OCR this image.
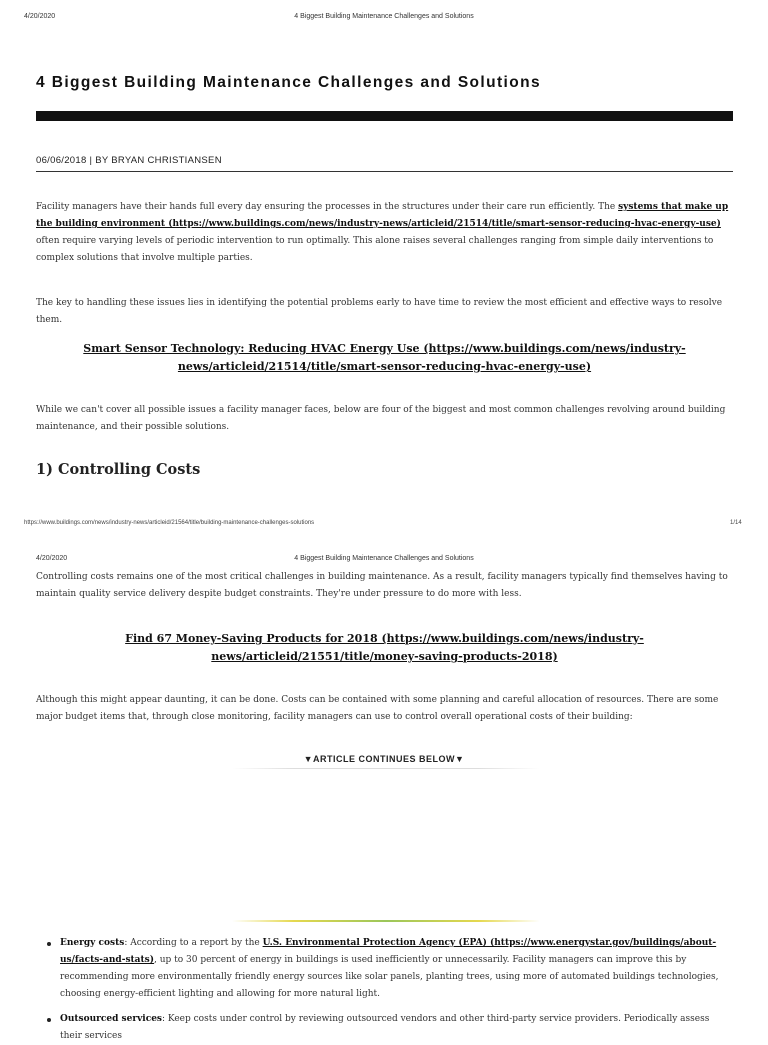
4/20/2020	4 Biggest Building Maintenance Challenges and Solutions
4 Biggest Building Maintenance Challenges and Solutions
06/06/2018 | BY BRYAN CHRISTIANSEN
Facility managers have their hands full every day ensuring the processes in the structures under their care run efficiently. The systems that make up the building environment (https://www.buildings.com/news/industry-news/articleid/21514/title/smart-sensor-reducing-hvac-energy-use) often require varying levels of periodic intervention to run optimally. This alone raises several challenges ranging from simple daily interventions to complex solutions that involve multiple parties.
The key to handling these issues lies in identifying the potential problems early to have time to review the most efficient and effective ways to resolve them.
Smart Sensor Technology: Reducing HVAC Energy Use (https://www.buildings.com/news/industry-news/articleid/21514/title/smart-sensor-reducing-hvac-energy-use)
While we can't cover all possible issues a facility manager faces, below are four of the biggest and most common challenges revolving around building maintenance, and their possible solutions.
1) Controlling Costs
https://www.buildings.com/news/industry-news/articleid/21564/title/building-maintenance-challenges-solutions	1/14
4/20/2020	4 Biggest Building Maintenance Challenges and Solutions
Controlling costs remains one of the most critical challenges in building maintenance. As a result, facility managers typically find themselves having to maintain quality service delivery despite budget constraints. They're under pressure to do more with less.
Find 67 Money-Saving Products for 2018 (https://www.buildings.com/news/industry-news/articleid/21551/title/money-saving-products-2018)
Although this might appear daunting, it can be done. Costs can be contained with some planning and careful allocation of resources. There are some major budget items that, through close monitoring, facility managers can use to control overall operational costs of their building:
▼ARTICLE CONTINUES BELOW▼
Energy costs: According to a report by the U.S. Environmental Protection Agency (EPA) (https://www.energystar.gov/buildings/about-us/facts-and-stats), up to 30 percent of energy in buildings is used inefficiently or unnecessarily. Facility managers can improve this by recommending more environmentally friendly energy sources like solar panels, planting trees, using more of automated buildings technologies, choosing energy-efficient lighting and allowing for more natural light.
Outsourced services: Keep costs under control by reviewing outsourced vendors and other third-party service providers. Periodically assess their services
